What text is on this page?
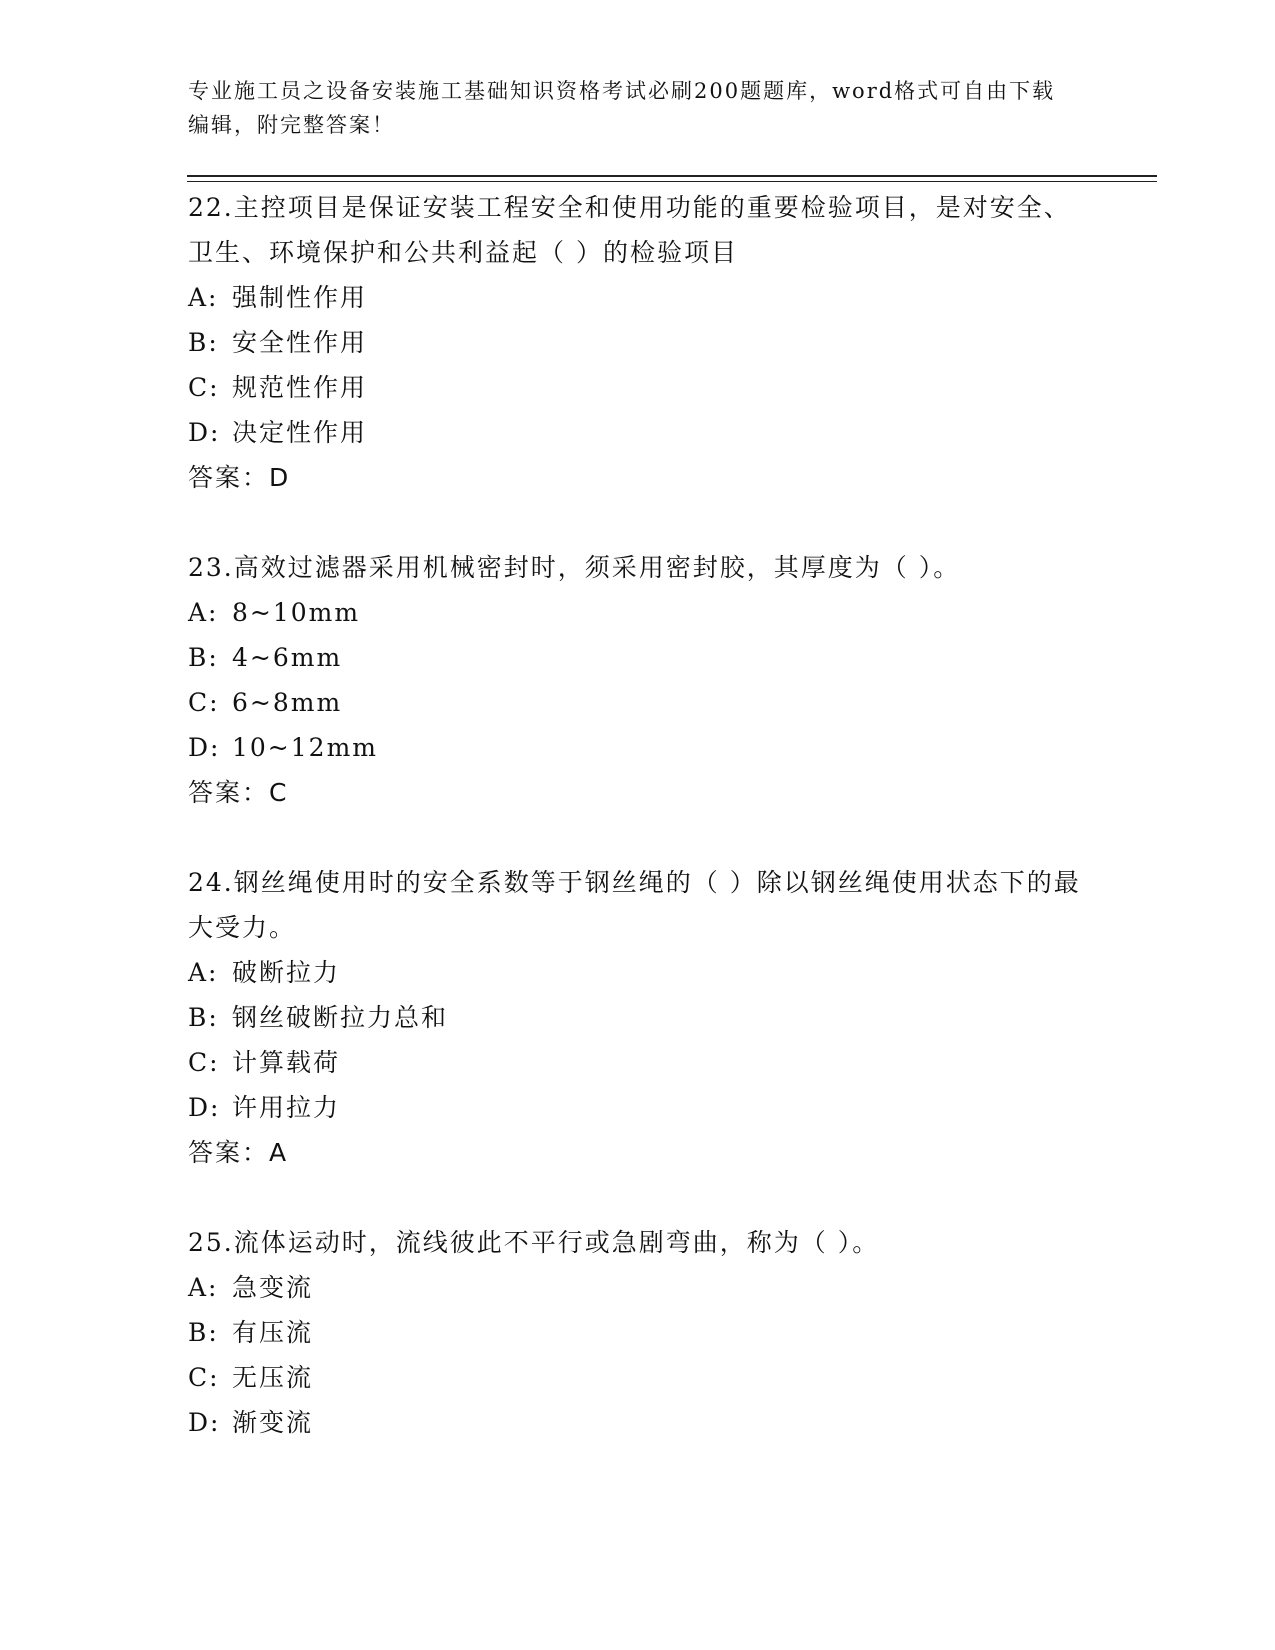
专业施工员之设备安装施工基础知识资格考试必刷200题题库，word格式可自由下载编辑，附完整答案！
22.主控项目是保证安装工程安全和使用功能的重要检验项目，是对安全、卫生、环境保护和公共利益起（ ）的检验项目
A: 强制性作用
B: 安全性作用
C: 规范性作用
D: 决定性作用
答案：D
23.高效过滤器采用机械密封时，须采用密封胶，其厚度为（ ）。
A: 8~10mm
B: 4~6mm
C: 6~8mm
D: 10~12mm
答案：C
24.钢丝绳使用时的安全系数等于钢丝绳的（ ）除以钢丝绳使用状态下的最大受力。
A: 破断拉力
B: 钢丝破断拉力总和
C: 计算载荷
D: 许用拉力
答案：A
25.流体运动时，流线彼此不平行或急剧弯曲，称为（ ）。
A: 急变流
B: 有压流
C: 无压流
D: 渐变流
